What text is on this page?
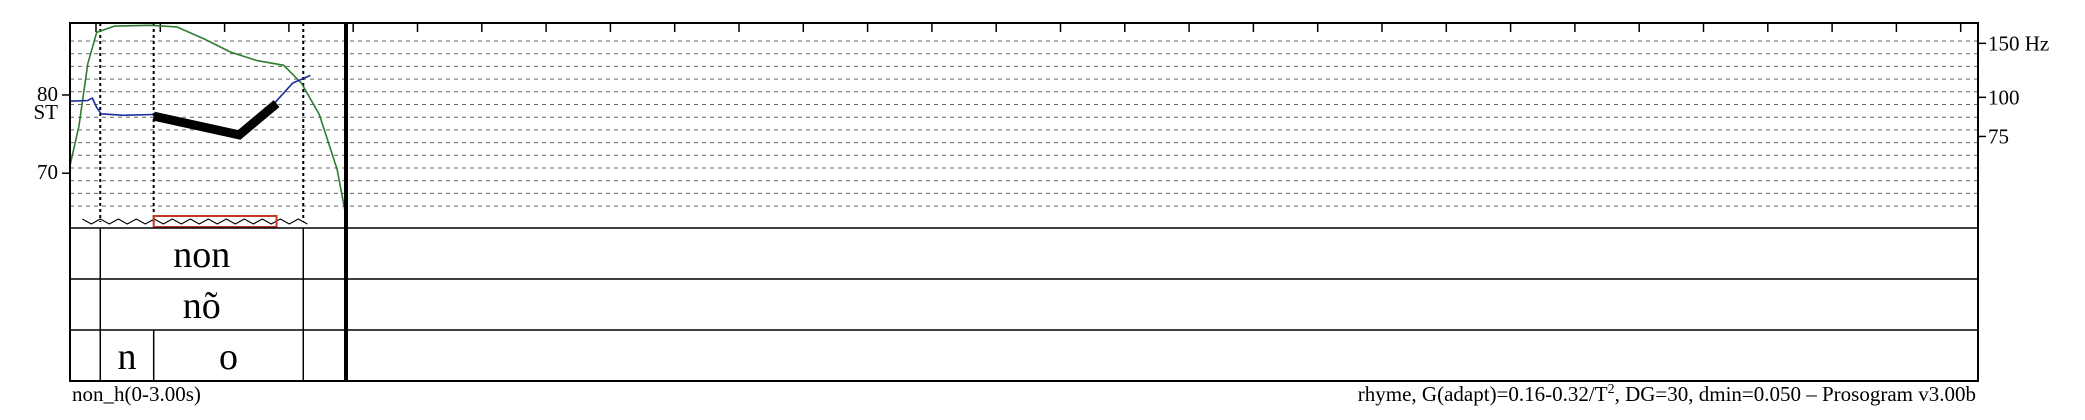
80
70
ST
150 Hz
100
75
non
nõ
n o
non_h(0-3.00s)	rhyme, $G(adapt)=0.16-0.32/T^2$, DG=30, dmin=0.050 – Prosogram v3.00b
